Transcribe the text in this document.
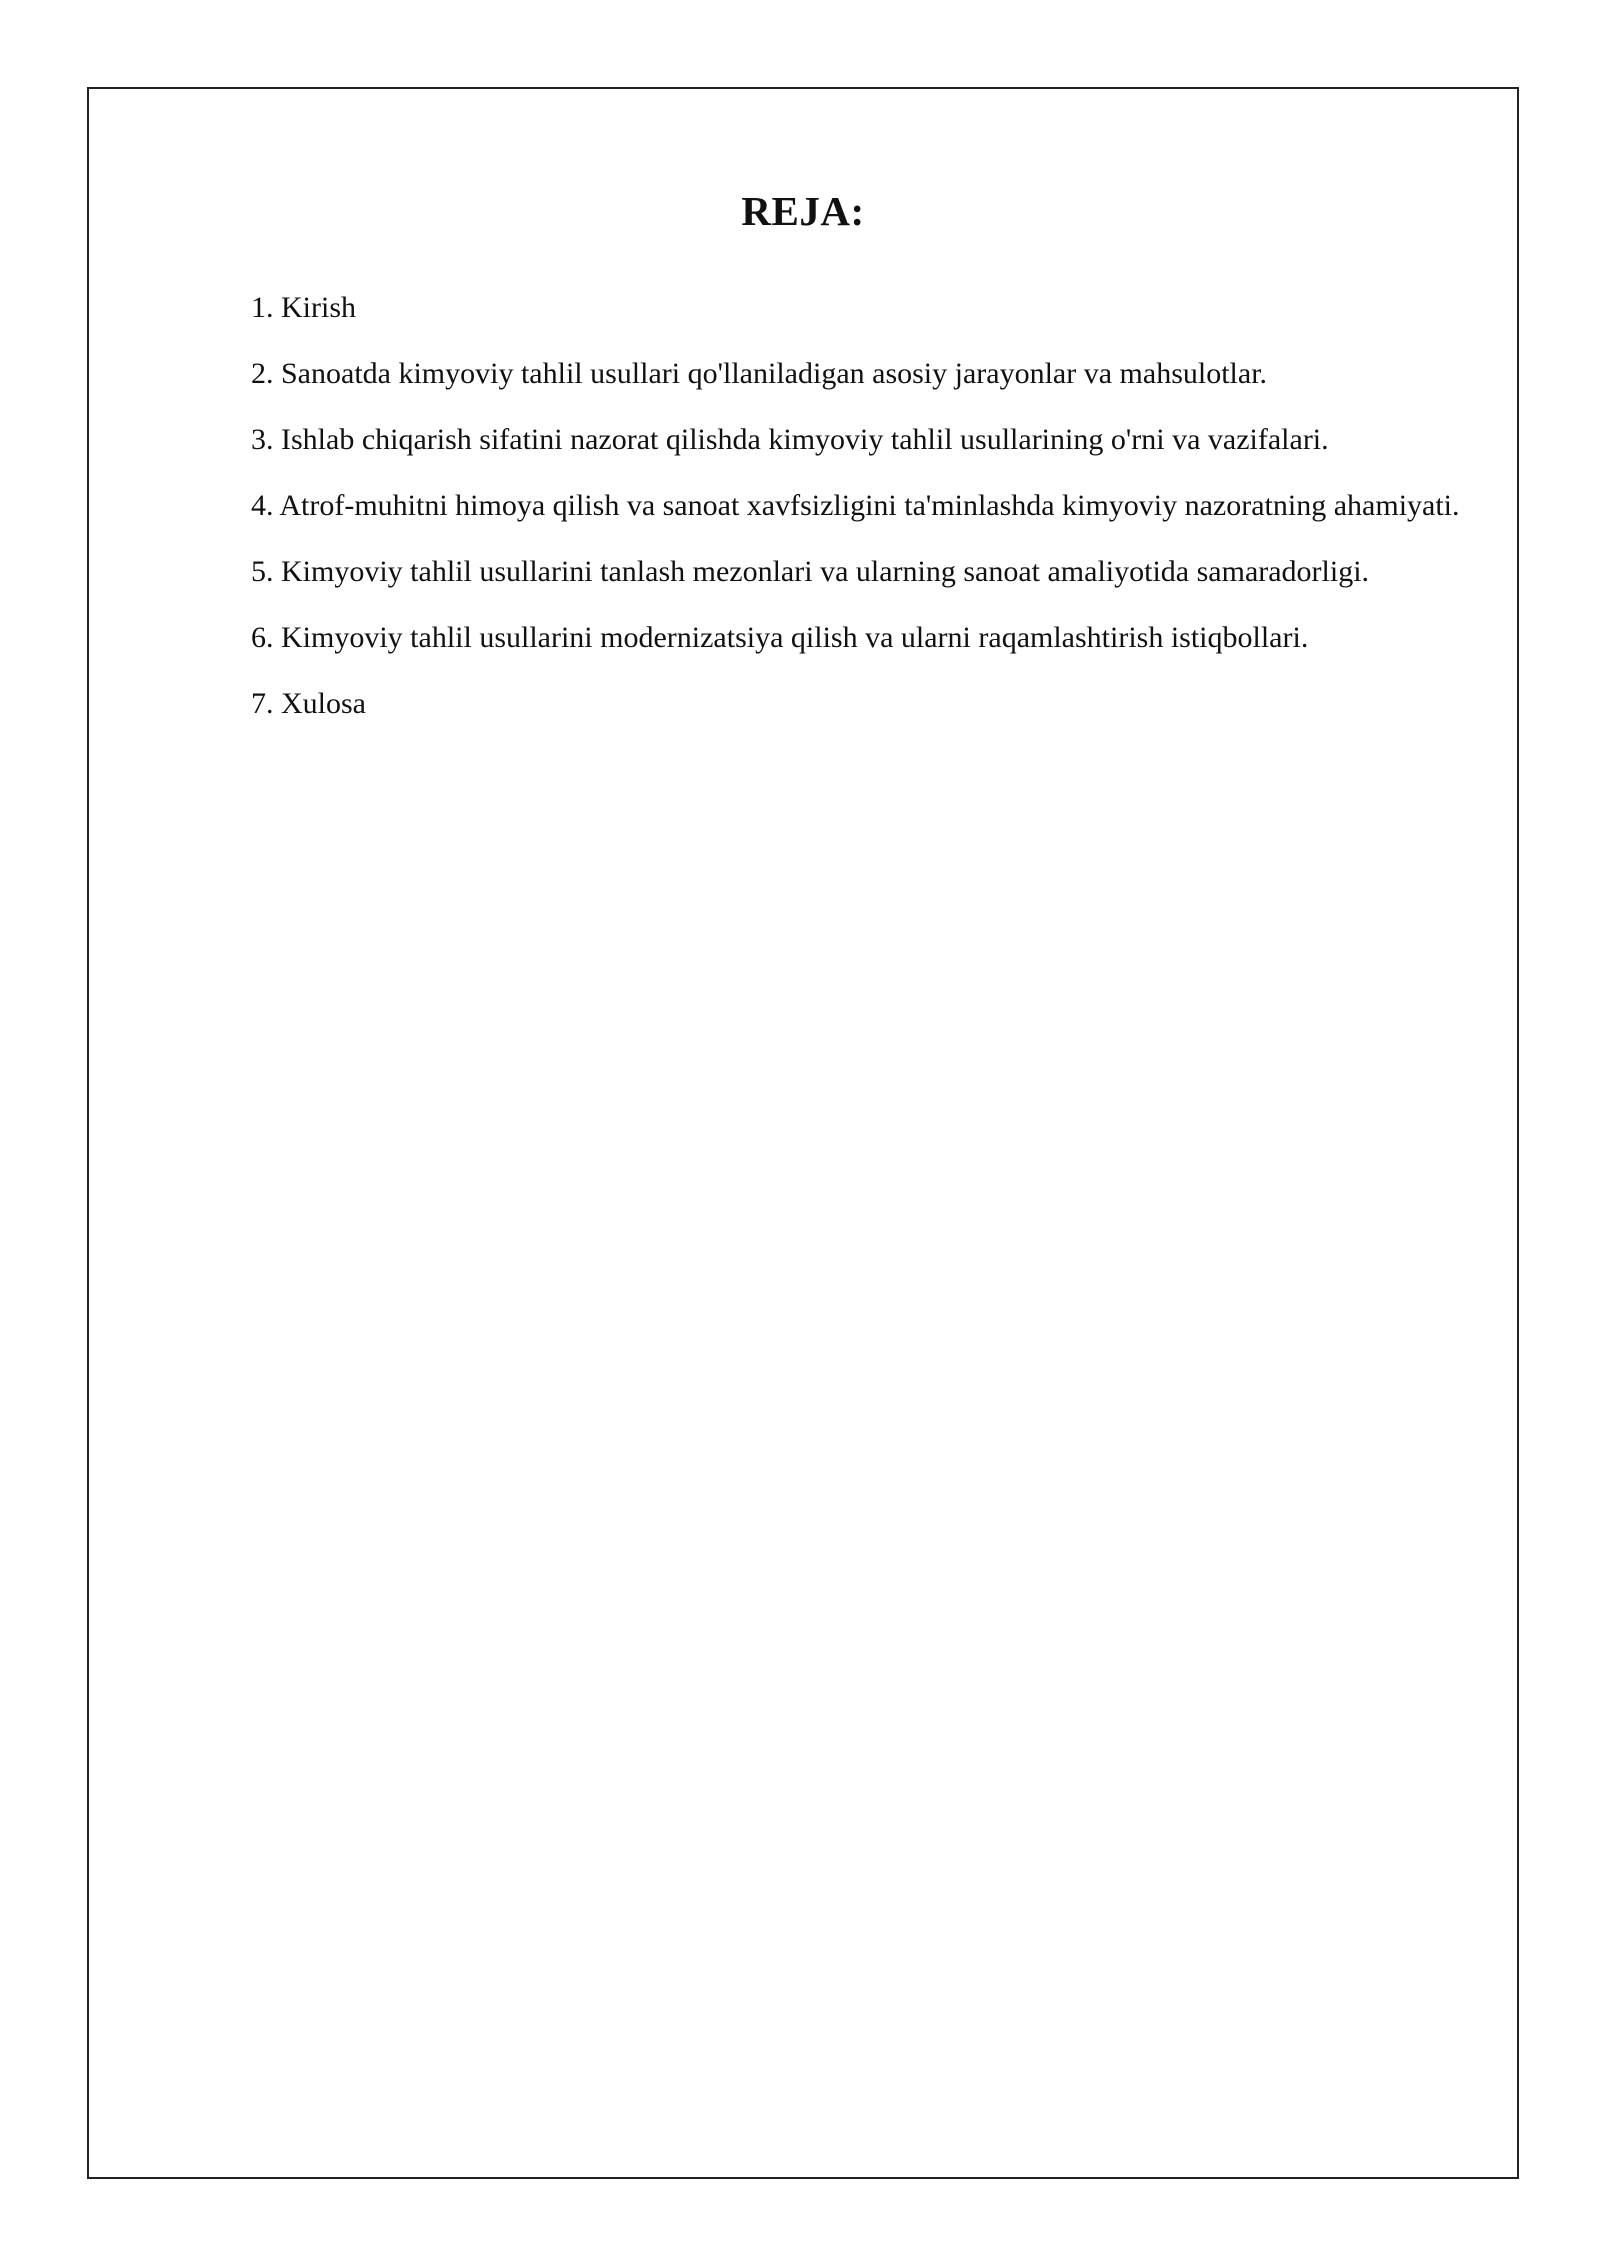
REJA:
1. Kirish
2. Sanoatda kimyoviy tahlil usullari qo'llaniladigan asosiy jarayonlar va mahsulotlar.
3. Ishlab chiqarish sifatini nazorat qilishda kimyoviy tahlil usullarining o'rni va vazifalari.
4. Atrof-muhitni himoya qilish va sanoat xavfsizligini ta'minlashda kimyoviy nazoratning ahamiyati.
5. Kimyoviy tahlil usullarini tanlash mezonlari va ularning sanoat amaliyotida samaradorligi.
6. Kimyoviy tahlil usullarini modernizatsiya qilish va ularni raqamlashtirish istiqbollari.
7. Xulosa
